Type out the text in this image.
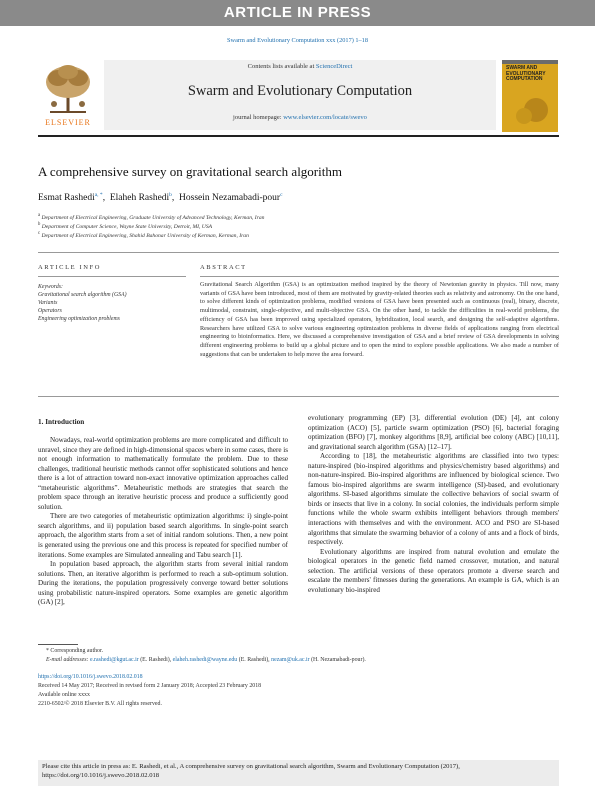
ARTICLE IN PRESS
Swarm and Evolutionary Computation xxx (2017) 1–18
ELSEVIER
Contents lists available at ScienceDirect
Swarm and Evolutionary Computation
journal homepage: www.elsevier.com/locate/swevo
SWARM AND EVOLUTIONARY COMPUTATION
A comprehensive survey on gravitational search algorithm
Esmat Rashedi$^{a, *}$,  Elaheh Rashedi$^b$,  Hossein Nezamabadi-pour$^c$
$^a$ Department of Electrical Engineering, Graduate University of Advanced Technology, Kerman, Iran
$^b$ Department of Computer Science, Wayne State University, Detroit, MI, USA
$^c$ Department of Electrical Engineering, Shahid Bahonar University of Kerman, Kerman, Iran
ARTICLE INFO	ABSTRACT
Keywords:
Gravitational search algorithm (GSA)
Variants
Operators
Engineering optimization problems
Gravitational Search Algorithm (GSA) is an optimization method inspired by the theory of Newtonian gravity in physics. Till now, many variants of GSA have been introduced, most of them are motivated by gravity-related theories such as relativity and astronomy. On the one hand, to solve different kinds of optimization problems, modified versions of GSA have been presented such as continuous (real), binary, discrete, multimodal, constraint, single-objective, and multi-objective GSA. On the other hand, to tackle the difficulties in real-world problems, the efficiency of GSA has been improved using specialized operators, hybridization, local search, and designing the self-adaptive algorithms. Researchers have utilized GSA to solve various engineering optimization problems in diverse fields of applications ranging from electrical engineering to bioinformatics. Here, we discussed a comprehensive investigation of GSA and a brief review of GSA developments in solving different engineering problems to build up a global picture and to open the mind to explore possible applications. We also made a number of suggestions that can be undertaken to help move the area forward.
1. Introduction

Nowadays, real-world optimization problems are more complicated and difficult to unravel, since they are defined in high-dimensional spaces where in some cases, there is not enough information to mathematically formulate the problem. Due to these challenges, traditional heuristic methods cannot offer sophisticated solutions and hence there is a lot of attraction toward non-exact innovative optimization approaches called “metaheuristic algorithms”. Metaheuristic methods are strategies that search the problem space through an iterative heuristic process and produce a sufficiently good solution.

There are two categories of metaheuristic optimization algorithms: i) single-point search algorithms, and ii) population based search algorithms. In single-point search approach, the algorithm starts from a set of initial random solutions. Then, a new point is generated using the previous one and this process is repeated for specified number of iterations. Some examples are Simulated annealing and Tabu search [1].

In population based approach, the algorithm starts from several initial random solutions. Then, an iterative algorithm is performed to reach a sub-optimum solution. During the iterations, the population progressively converge toward better solutions using probabilistic nature-inspired operators. Some examples are genetic algorithm (GA) [2],

evolutionary programming (EP) [3], differential evolution (DE) [4], ant colony optimization (ACO) [5], particle swarm optimization (PSO) [6], bacterial foraging optimization (BFO) [7], monkey algorithms [8,9], artificial bee colony (ABC) [10,11], and gravitational search algorithm (GSA) [12–17].

According to [18], the metaheuristic algorithms are classified into two types: nature-inspired (bio-inspired algorithms and physics/chemistry based algorithms) and non-nature-inspired. Bio-inspired algorithms are influenced by biological science. Two famous bio-inspired algorithms are swarm intelligence (SI)-based, and evolutionary algorithms. SI-based algorithms simulate the collective behaviors of social swarm of birds or insects that live in a colony. In social colonies, the individuals perform simple functions while the whole swarm exhibits intelligent behaviors through members' interactions with themselves and with the environment. ACO and PSO are SI-based algorithms that simulate the swarming behavior of a colony of ants and a flock of birds, respectively.

Evolutionary algorithms are inspired from natural evolution and emulate the biological operators in the genetic field named crossover, mutation, and natural selection. The artificial versions of these operators promote a diverse search and escalate the members' fitnesses during the generations. An example is GA, which is an evolutionary bio-inspired

* Corresponding author.
E-mail addresses: e.rashedi@kgut.ac.ir (E. Rashedi), elaheh.rashedi@wayne.edu (E. Rashedi), nezam@uk.ac.ir (H. Nezamabadi-pour).
https://doi.org/10.1016/j.swevo.2018.02.018
Received 14 May 2017; Received in revised form 2 January 2018; Accepted 23 February 2018
Available online xxxx
2210-6502/© 2018 Elsevier B.V. All rights reserved.
Please cite this article in press as: E. Rashedi, et al., A comprehensive survey on gravitational search algorithm, Swarm and Evolutionary Computation (2017), https://doi.org/10.1016/j.swevo.2018.02.018
